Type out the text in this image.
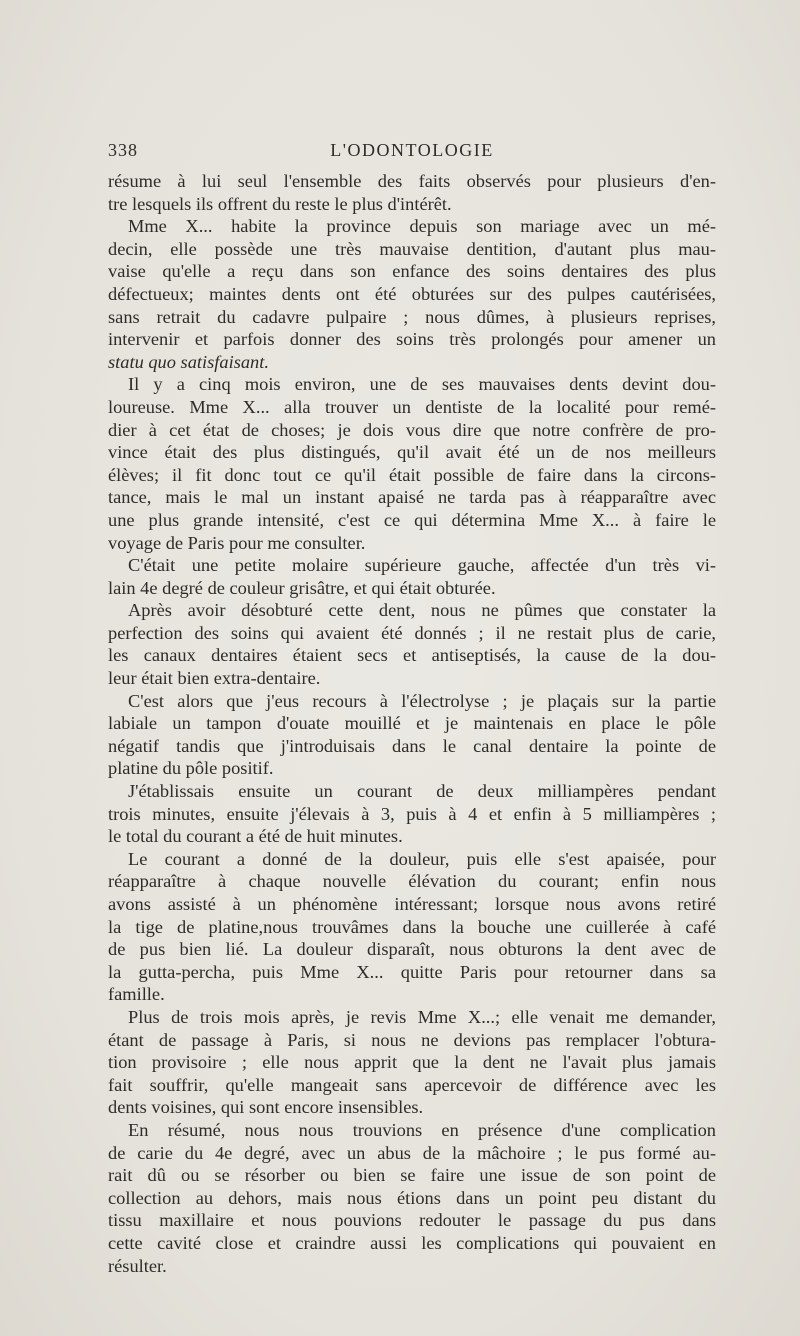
338	L'ODONTOLOGIE
résume à lui seul l'ensemble des faits observés pour plusieurs d'en-
tre lesquels ils offrent du reste le plus d'intérêt.
Mme X... habite la province depuis son mariage avec un mé-
decin, elle possède une très mauvaise dentition, d'autant plus mau-
vaise qu'elle a reçu dans son enfance des soins dentaires des plus
défectueux; maintes dents ont été obturées sur des pulpes cautérisées,
sans retrait du cadavre pulpaire ; nous dûmes, à plusieurs reprises,
intervenir et parfois donner des soins très prolongés pour amener un
statu quo satisfaisant.
Il y a cinq mois environ, une de ses mauvaises dents devint dou-
loureuse. Mme X... alla trouver un dentiste de la localité pour remé-
dier à cet état de choses; je dois vous dire que notre confrère de pro-
vince était des plus distingués, qu'il avait été un de nos meilleurs
élèves; il fit donc tout ce qu'il était possible de faire dans la circons-
tance, mais le mal un instant apaisé ne tarda pas à réapparaître avec
une plus grande intensité, c'est ce qui détermina Mme X... à faire le
voyage de Paris pour me consulter.
C'était une petite molaire supérieure gauche, affectée d'un très vi-
lain 4e degré de couleur grisâtre, et qui était obturée.
Après avoir désobturé cette dent, nous ne pûmes que constater la
perfection des soins qui avaient été donnés ; il ne restait plus de carie,
les canaux dentaires étaient secs et antiseptisés, la cause de la dou-
leur était bien extra-dentaire.
C'est alors que j'eus recours à l'électrolyse ; je plaçais sur la partie
labiale un tampon d'ouate mouillé et je maintenais en place le pôle
négatif tandis que j'introduisais dans le canal dentaire la pointe de
platine du pôle positif.
J'établissais ensuite un courant de deux milliampères pendant
trois minutes, ensuite j'élevais à 3, puis à 4 et enfin à 5 milliampères ;
le total du courant a été de huit minutes.
Le courant a donné de la douleur, puis elle s'est apaisée, pour
réapparaître à chaque nouvelle élévation du courant; enfin nous
avons assisté à un phénomène intéressant; lorsque nous avons retiré
la tige de platine,nous trouvâmes dans la bouche une cuillerée à café
de pus bien lié. La douleur disparaît, nous obturons la dent avec de
la gutta-percha, puis Mme X... quitte Paris pour retourner dans sa
famille.
Plus de trois mois après, je revis Mme X...; elle venait me demander,
étant de passage à Paris, si nous ne devions pas remplacer l'obtura-
tion provisoire ; elle nous apprit que la dent ne l'avait plus jamais
fait souffrir, qu'elle mangeait sans apercevoir de différence avec les
dents voisines, qui sont encore insensibles.
En résumé, nous nous trouvions en présence d'une complication
de carie du 4e degré, avec un abus de la mâchoire ; le pus formé au-
rait dû ou se résorber ou bien se faire une issue de son point de
collection au dehors, mais nous étions dans un point peu distant du
tissu maxillaire et nous pouvions redouter le passage du pus dans
cette cavité close et craindre aussi les complications qui pouvaient en
résulter.
